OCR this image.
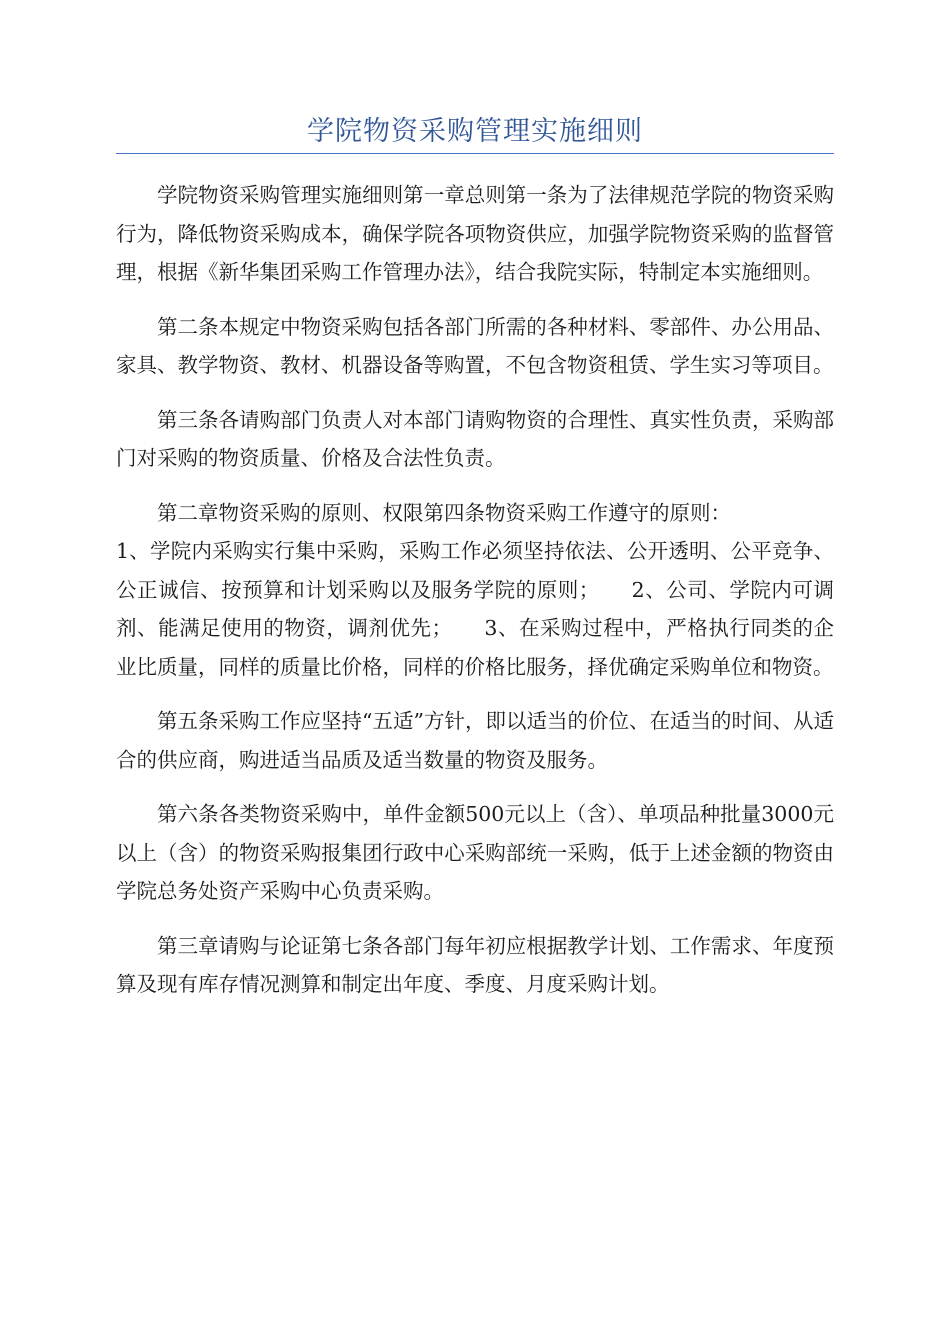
学院物资采购管理实施细则

学院物资采购管理实施细则第一章总则第一条为了法律规范学院的物资采购行为，降低物资采购成本，确保学院各项物资供应，加强学院物资采购的监督管理，根据《新华集团采购工作管理办法》，结合我院实际，特制定本实施细则。

第二条本规定中物资采购包括各部门所需的各种材料、零部件、办公用品、家具、教学物资、教材、机器设备等购置，不包含物资租赁、学生实习等项目。

第三条各请购部门负责人对本部门请购物资的合理性、真实性负责，采购部门对采购的物资质量、价格及合法性负责。

第二章物资采购的原则、权限第四条物资采购工作遵守的原则：

1、学院内采购实行集中采购，采购工作必须坚持依法、公开透明、公平竞争、公正诚信、按预算和计划采购以及服务学院的原则；　　2、公司、学院内可调剂、能满足使用的物资，调剂优先；　　3、在采购过程中，严格执行同类的企业比质量，同样的质量比价格，同样的价格比服务，择优确定采购单位和物资。

第五条采购工作应坚持“五适”方针，即以适当的价位、在适当的时间、从适合的供应商，购进适当品质及适当数量的物资及服务。

第六条各类物资采购中，单件金额500元以上（含）、单项品种批量3000元以上（含）的物资采购报集团行政中心采购部统一采购，低于上述金额的物资由学院总务处资产采购中心负责采购。

第三章请购与论证第七条各部门每年初应根据教学计划、工作需求、年度预算及现有库存情况测算和制定出年度、季度、月度采购计划。
